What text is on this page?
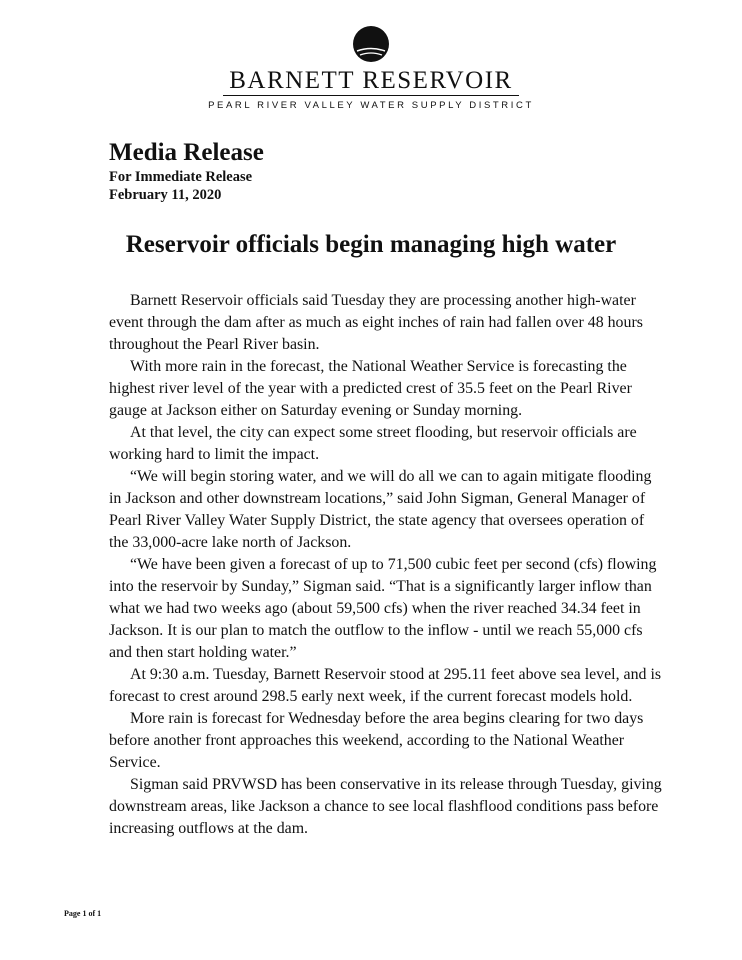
BARNETT RESERVOIR
PEARL RIVER VALLEY WATER SUPPLY DISTRICT

Media Release

For Immediate Release

February 11, 2020

Reservoir officials begin managing high water

Barnett Reservoir officials said Tuesday they are processing another high-water event through the dam after as much as eight inches of rain had fallen over 48 hours throughout the Pearl River basin.

With more rain in the forecast, the National Weather Service is forecasting the highest river level of the year with a predicted crest of 35.5 feet on the Pearl River gauge at Jackson either on Saturday evening or Sunday morning.

At that level, the city can expect some street flooding, but reservoir officials are working hard to limit the impact.

“We will begin storing water, and we will do all we can to again mitigate flooding in Jackson and other downstream locations,” said John Sigman, General Manager of Pearl River Valley Water Supply District, the state agency that oversees operation of the 33,000-acre lake north of Jackson.

“We have been given a forecast of up to 71,500 cubic feet per second (cfs) flowing into the reservoir by Sunday,” Sigman said. “That is a significantly larger inflow than what we had two weeks ago (about 59,500 cfs) when the river reached 34.34 feet in Jackson. It is our plan to match the outflow to the inflow - until we reach 55,000 cfs and then start holding water.”

At 9:30 a.m. Tuesday, Barnett Reservoir stood at 295.11 feet above sea level, and is forecast to crest around 298.5 early next week, if the current forecast models hold.

More rain is forecast for Wednesday before the area begins clearing for two days before another front approaches this weekend, according to the National Weather Service.

Sigman said PRVWSD has been conservative in its release through Tuesday, giving downstream areas, like Jackson a chance to see local flashflood conditions pass before increasing outflows at the dam.

Page 1 of 1
